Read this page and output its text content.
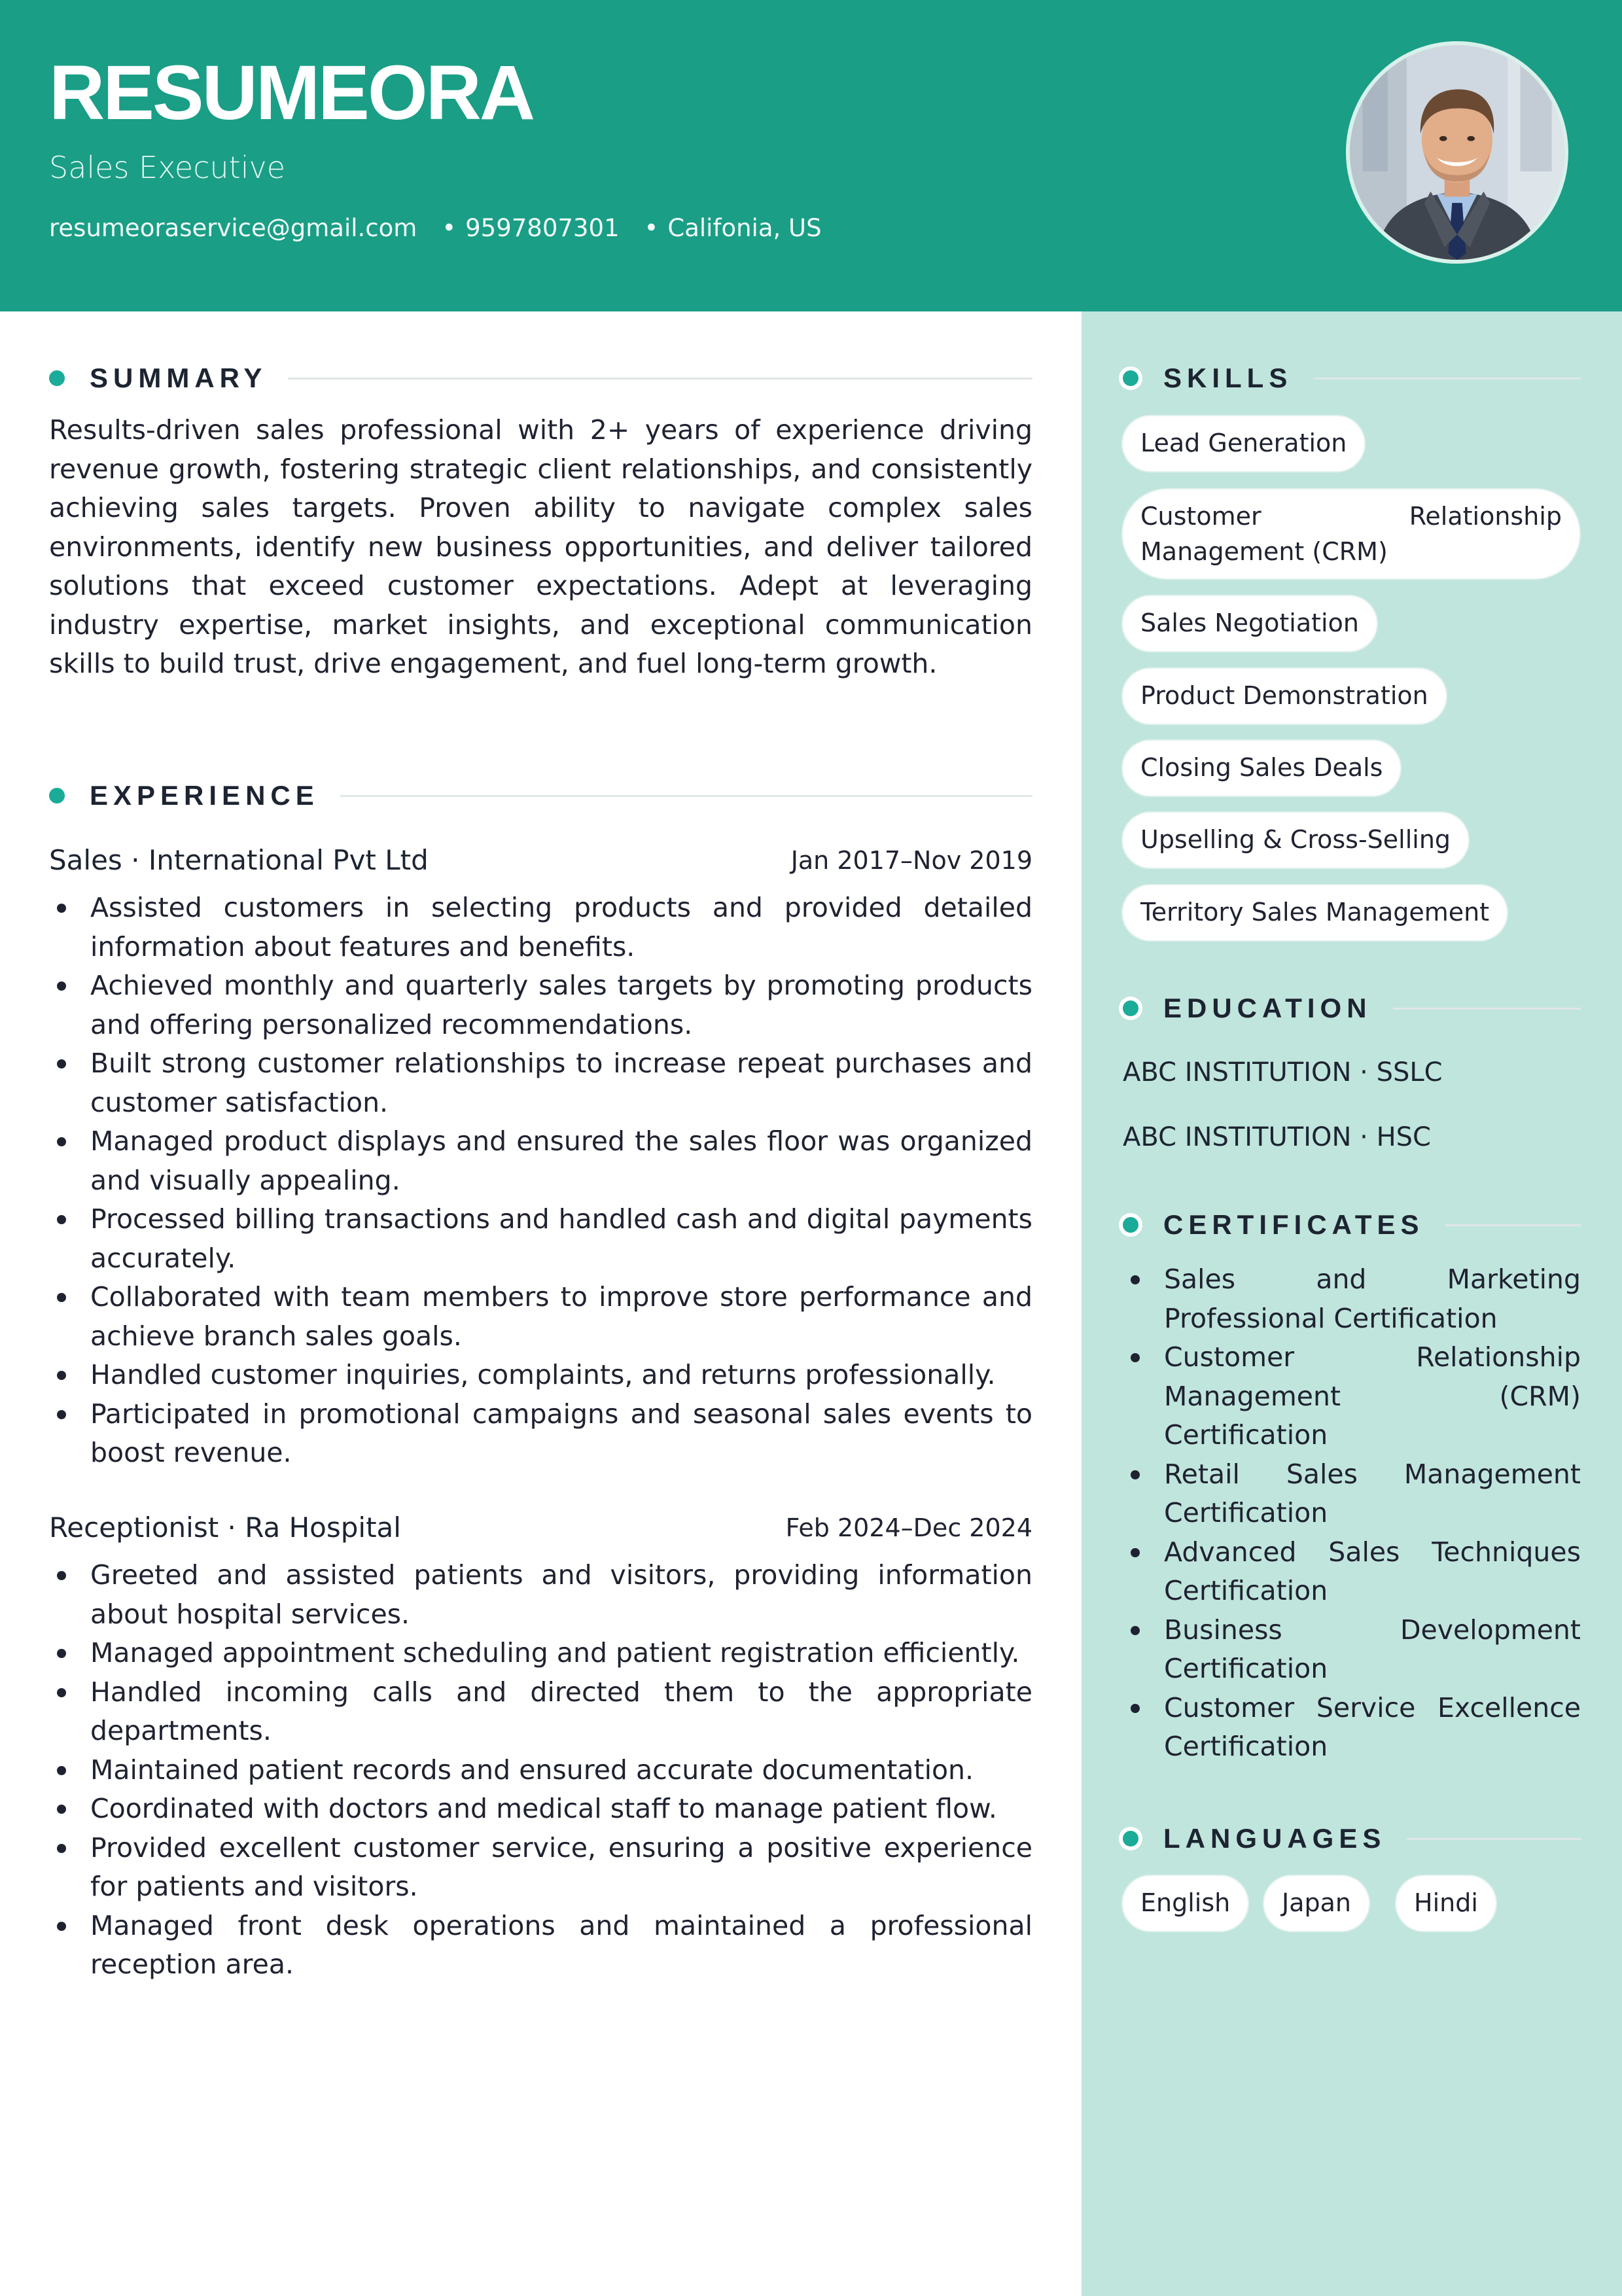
RESUMEORA
Sales Executive
resumeoraservice@gmail.com • 9597807301 • Califonia, US
SUMMARY
Results-driven sales professional with 2+ years of experience driving revenue growth, fostering strategic client relationships, and consistently achieving sales targets. Proven ability to navigate complex sales environments, identify new business opportunities, and deliver tailored solutions that exceed customer expectations. Adept at leveraging industry expertise, market insights, and exceptional communication skills to build trust, drive engagement, and fuel long-term growth.
EXPERIENCE
Sales · International Pvt Ltd	Jan 2017–Nov 2019
Assisted customers in selecting products and provided detailed information about features and benefits.
Achieved monthly and quarterly sales targets by promoting products and offering personalized recommendations.
Built strong customer relationships to increase repeat purchases and customer satisfaction.
Managed product displays and ensured the sales floor was organized and visually appealing.
Processed billing transactions and handled cash and digital payments accurately.
Collaborated with team members to improve store performance and achieve branch sales goals.
Handled customer inquiries, complaints, and returns professionally.
Participated in promotional campaigns and seasonal sales events to boost revenue.
Receptionist · Ra Hospital	Feb 2024–Dec 2024
Greeted and assisted patients and visitors, providing information about hospital services.
Managed appointment scheduling and patient registration efficiently.
Handled incoming calls and directed them to the appropriate departments.
Maintained patient records and ensured accurate documentation.
Coordinated with doctors and medical staff to manage patient flow.
Provided excellent customer service, ensuring a positive experience for patients and visitors.
Managed front desk operations and maintained a professional reception area.
SKILLS
Lead Generation
Customer Relationship Management (CRM)
Sales Negotiation
Product Demonstration
Closing Sales Deals
Upselling & Cross-Selling
Territory Sales Management
EDUCATION
ABC INSTITUTION · SSLC
ABC INSTITUTION · HSC
CERTIFICATES
Sales and Marketing Professional Certification
Customer Relationship Management (CRM) Certification
Retail Sales Management Certification
Advanced Sales Techniques Certification
Business Development Certification
Customer Service Excellence Certification
LANGUAGES
English	Japan	Hindi
